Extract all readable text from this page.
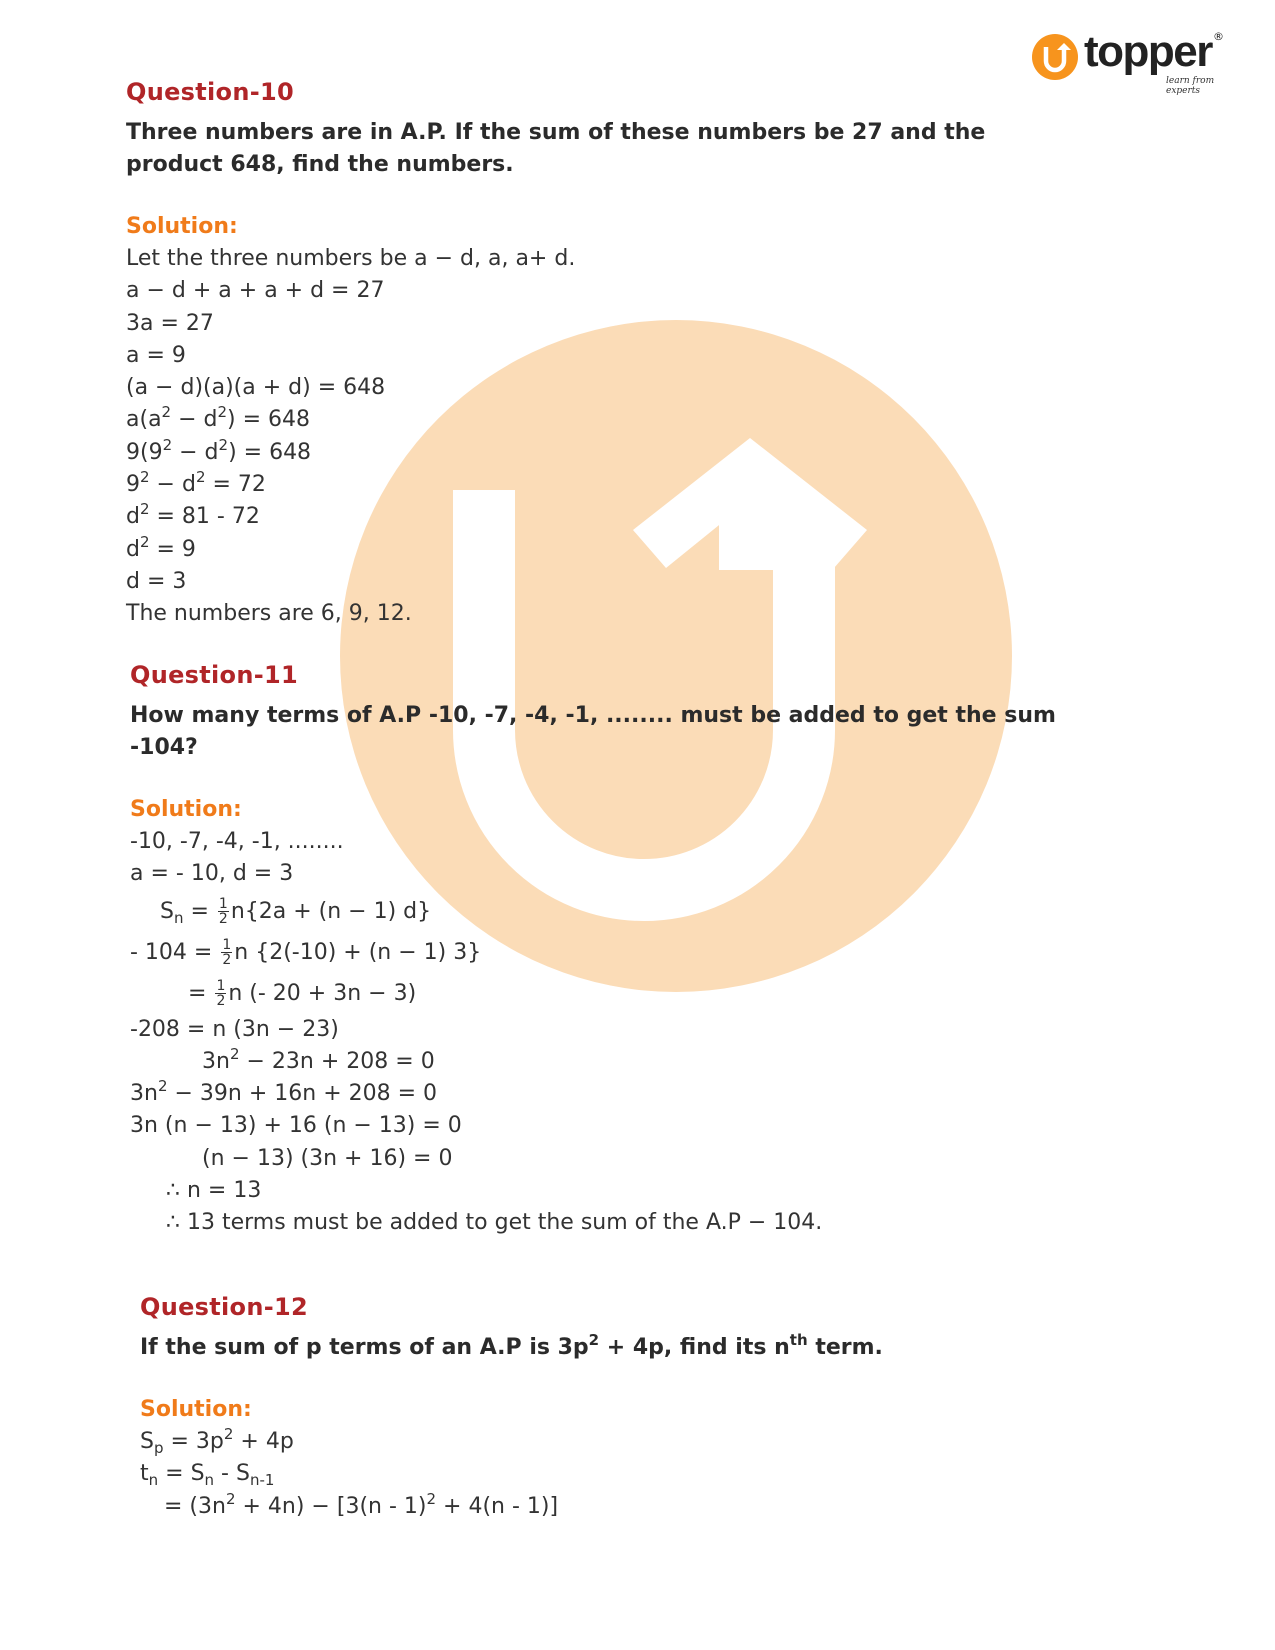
topper ®
learn from experts
Question-10
Three numbers are in A.P. If the sum of these numbers be 27 and the product 648, find the numbers.
Solution:
Let the three numbers be a − d, a, a+ d.
a − d + a + a + d = 27
3a = 27
a = 9
(a − d)(a)(a + d) = 648
$a(a^2 - d^2) = 648$
$9(9^2 - d^2) = 648$
$9^2 - d^2 = 72$
$d^2 = 81 - 72$
$d^2 = 9$
d = 3
The numbers are 6, 9, 12.
Question-11
How many terms of A.P -10, -7, -4, -1, ........ must be added to get the sum -104?
Solution:
-10, -7, -4, -1, ........
a = - 10, d = 3
$S_n = \frac{1}{2} n\{2a + (n - 1)$ d}
- $104 = \frac{1}{2}$ n {2(-10) + (n − 1) 3}
= $\frac{1}{2}$ n (- 20 + 3n − 3)
-208 = n (3n − 23)
$3n^2 - 23n + 208 = 0$
$3n^2 - 39n + 16n + 208 = 0$
3n (n − 13) + 16 (n − 13) = 0
(n − 13) (3n + 16) = 0
∴ n = 13
∴ 13 terms must be added to get the sum of the A.P − 104.
Question-12
If the sum of p terms of an A.P is $3p^2 + 4p$, find its $n^{th}$ term.
Solution:
$S_p = 3p^2 + 4p$
$t_n = S_n - S_{n-1}$
= $(3n^2 + 4n) - [3(n - 1)^2 + 4(n - 1)]$
